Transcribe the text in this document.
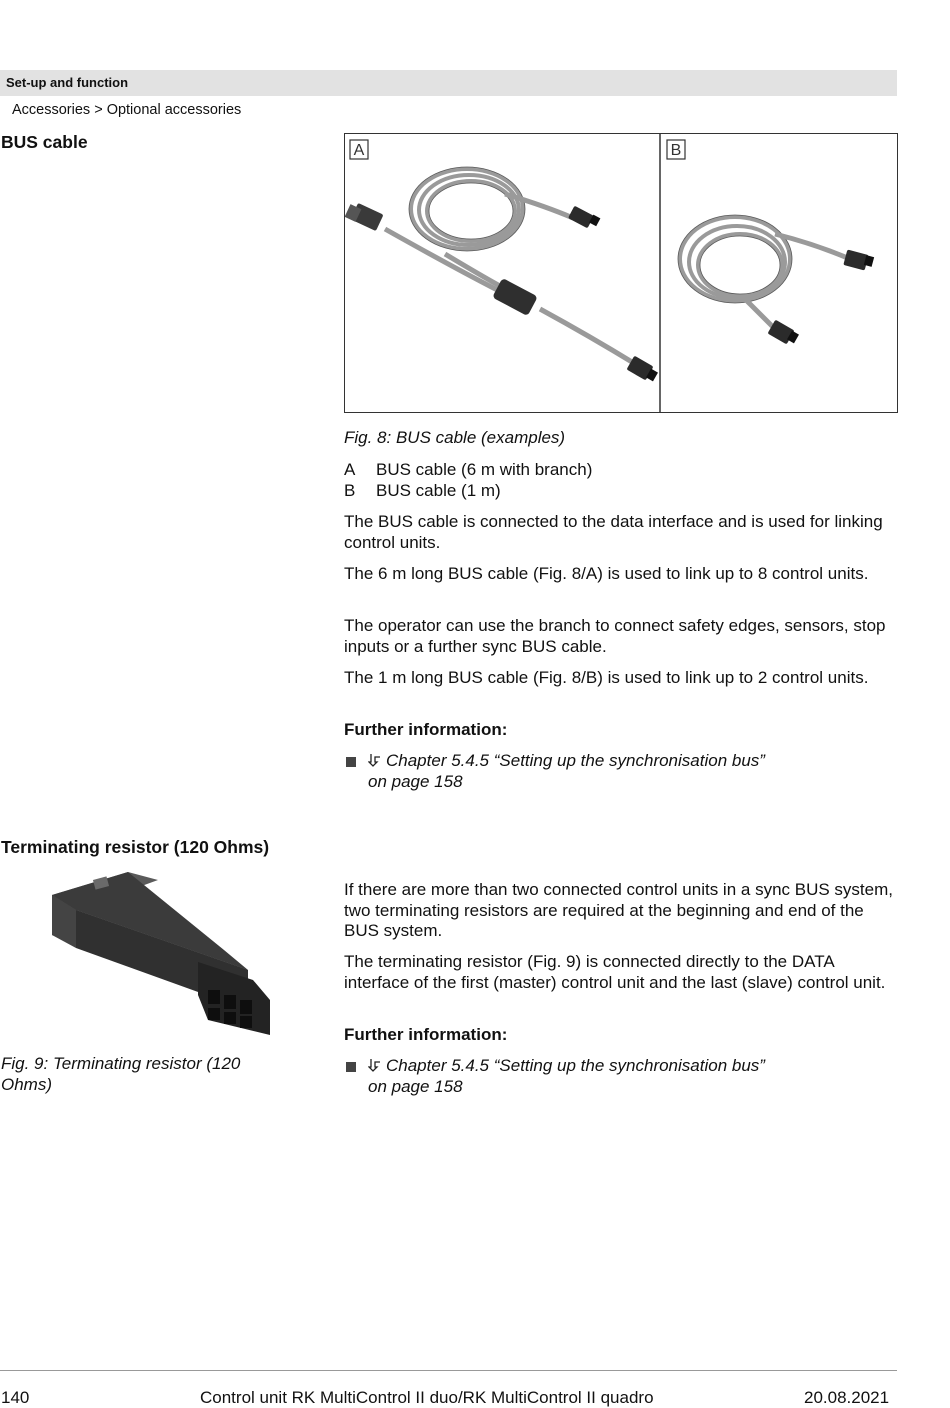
Set-up and function
Accessories > Optional accessories
BUS cable	A	B
Fig. 8: BUS cable (examples)
A BUS cable (6 m with branch)
B BUS cable (1 m)
The BUS cable is connected to the data interface and is used for linking control units.
The 6 m long BUS cable (Fig. 8/A) is used to link up to 8 control units.
The operator can use the branch to connect safety edges, sensors, stop inputs or a further sync BUS cable.
The 1 m long BUS cable (Fig. 8/B) is used to link up to 2 control units.
Further information:
Chapter 5.4.5 “Setting up the synchronisation bus”
on page 158
Terminating resistor (120 Ohms)
Fig. 9: Terminating resistor (120 Ohms)
If there are more than two connected control units in a sync BUS system, two terminating resistors are required at the beginning and end of the BUS system.
The terminating resistor (Fig. 9) is connected directly to the DATA interface of the first (master) control unit and the last (slave) control unit.
Further information:
Chapter 5.4.5 “Setting up the synchronisation bus”
on page 158
140	Control unit RK MultiControl II duo/RK MultiControl II quadro	20.08.2021
